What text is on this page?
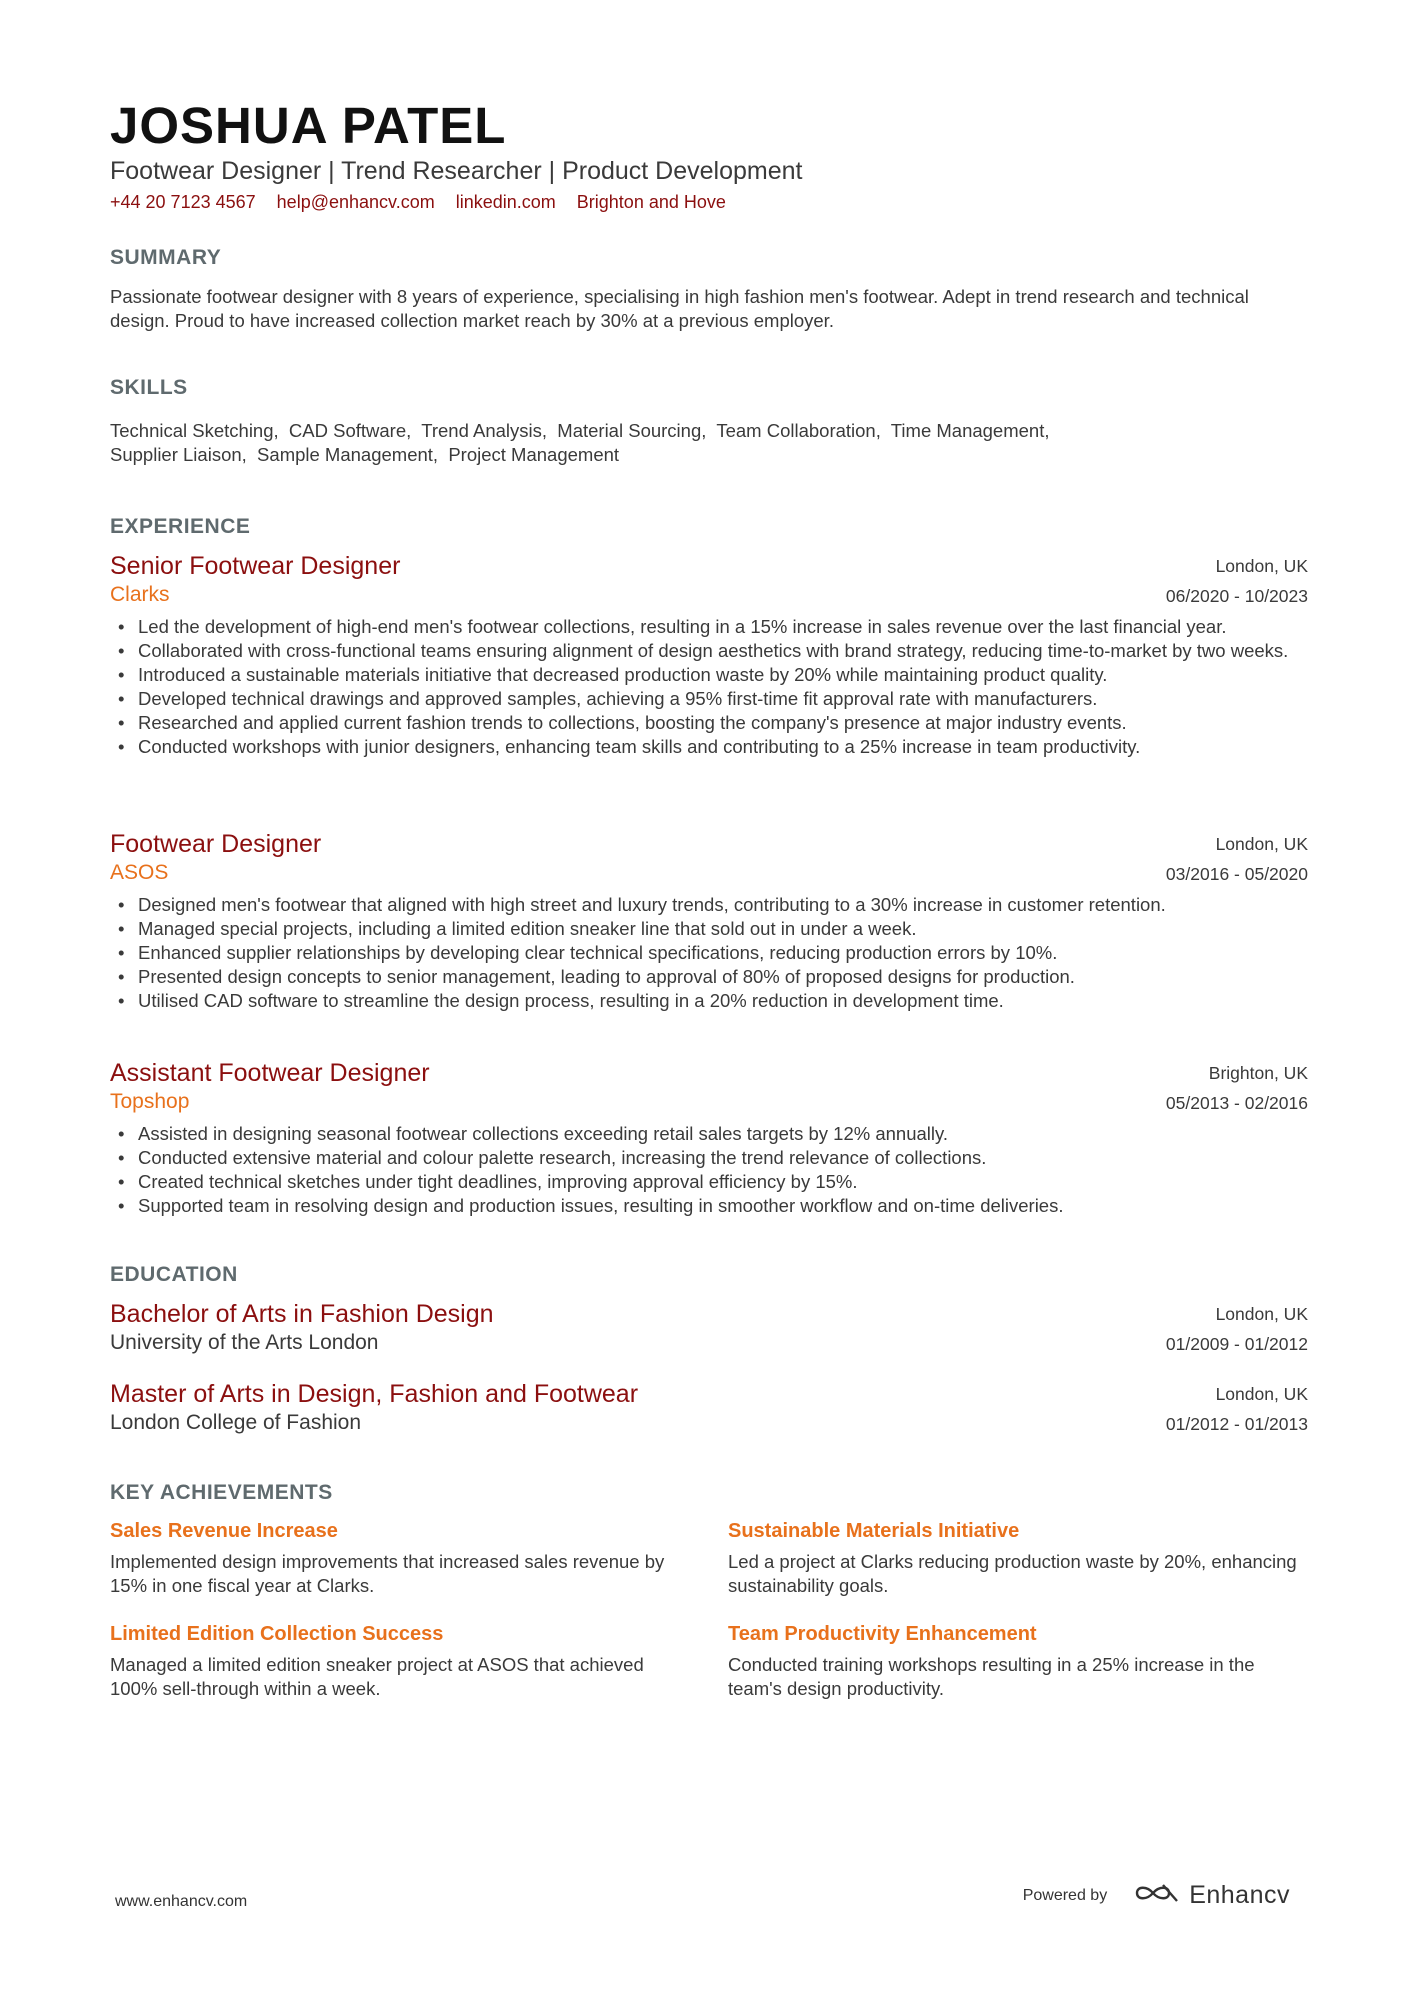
JOSHUA PATEL
Footwear Designer | Trend Researcher | Product Development
+44 20 7123 4567 help@enhancv.com linkedin.com Brighton and Hove
SUMMARY
Passionate footwear designer with 8 years of experience, specialising in high fashion men's footwear. Adept in trend research and technical design. Proud to have increased collection market reach by 30% at a previous employer.
SKILLS
Technical Sketching,  CAD Software,  Trend Analysis,  Material Sourcing,  Team Collaboration,  Time Management,
Supplier Liaison,  Sample Management,  Project Management
EXPERIENCE
Senior Footwear Designer
Clarks
London, UK
06/2020 - 10/2023
• Led the development of high-end men's footwear collections, resulting in a 15% increase in sales revenue over the last financial year.
• Collaborated with cross-functional teams ensuring alignment of design aesthetics with brand strategy, reducing time-to-market by two weeks.
• Introduced a sustainable materials initiative that decreased production waste by 20% while maintaining product quality.
• Developed technical drawings and approved samples, achieving a 95% first-time fit approval rate with manufacturers.
• Researched and applied current fashion trends to collections, boosting the company's presence at major industry events.
• Conducted workshops with junior designers, enhancing team skills and contributing to a 25% increase in team productivity.
Footwear Designer
ASOS
London, UK
03/2016 - 05/2020
• Designed men's footwear that aligned with high street and luxury trends, contributing to a 30% increase in customer retention.
• Managed special projects, including a limited edition sneaker line that sold out in under a week.
• Enhanced supplier relationships by developing clear technical specifications, reducing production errors by 10%.
• Presented design concepts to senior management, leading to approval of 80% of proposed designs for production.
• Utilised CAD software to streamline the design process, resulting in a 20% reduction in development time.
Assistant Footwear Designer
Topshop
Brighton, UK
05/2013 - 02/2016
• Assisted in designing seasonal footwear collections exceeding retail sales targets by 12% annually.
• Conducted extensive material and colour palette research, increasing the trend relevance of collections.
• Created technical sketches under tight deadlines, improving approval efficiency by 15%.
• Supported team in resolving design and production issues, resulting in smoother workflow and on-time deliveries.
EDUCATION
Bachelor of Arts in Fashion Design
University of the Arts London
London, UK
01/2009 - 01/2012
Master of Arts in Design, Fashion and Footwear
London College of Fashion
London, UK
01/2012 - 01/2013
KEY ACHIEVEMENTS
Sales Revenue Increase
Implemented design improvements that increased sales revenue by 15% in one fiscal year at Clarks.
Sustainable Materials Initiative
Led a project at Clarks reducing production waste by 20%, enhancing sustainability goals.
Limited Edition Collection Success
Managed a limited edition sneaker project at ASOS that achieved 100% sell-through within a week.
Team Productivity Enhancement
Conducted training workshops resulting in a 25% increase in the team's design productivity.
www.enhancv.com	Powered by	Enhancv
